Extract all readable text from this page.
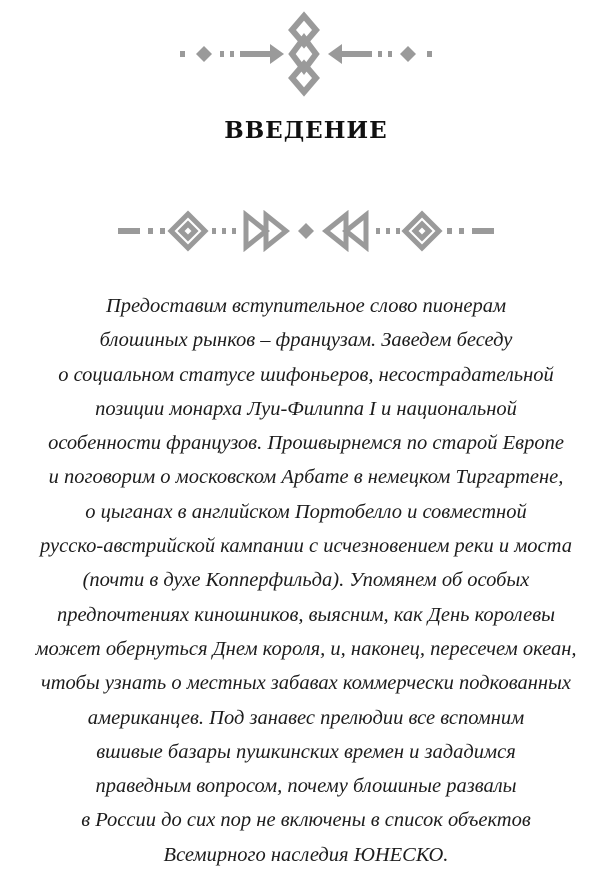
ВВЕДЕНИЕ

Предоставим вступительное слово пионерам
блошиных рынков – французам. Заведем беседу
о социальном статусе шифоньеров, несострадательной
позиции монарха Луи-Филиппа I и национальной
особенности французов. Прошвырнемся по старой Европе
и поговорим о московском Арбате в немецком Тиргартене,
о цыганах в английском Портобелло и совместной
русско-австрийской кампании с исчезновением реки и моста
(почти в духе Копперфильда). Упомянем об особых
предпочтениях киношников, выясним, как День королевы
может обернуться Днем короля, и, наконец, пересечем океан,
чтобы узнать о местных забавах коммерчески подкованных
американцев. Под занавес прелюдии все вспомним
вшивые базары пушкинских времен и зададимся
праведным вопросом, почему блошиные развалы
в России до сих пор не включены в список объектов
Всемирного наследия ЮНЕСКО.
